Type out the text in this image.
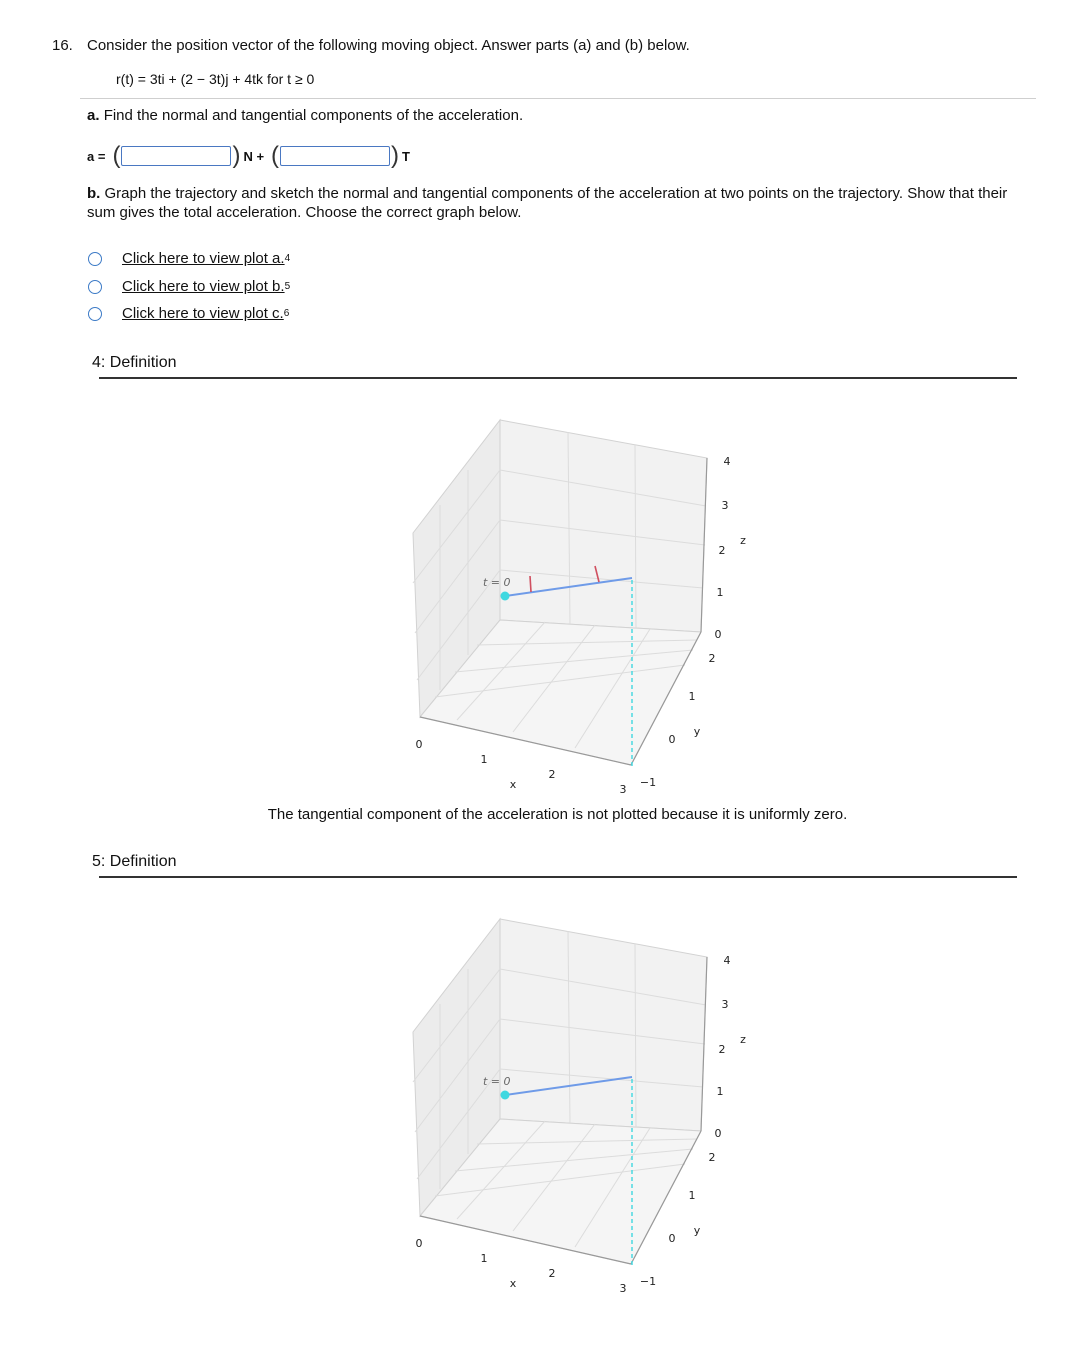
16. Consider the position vector of the following moving object. Answer parts (a) and (b) below.
r(t) = 3ti + (2 − 3t)j + 4tk for t ≥ 0
a. Find the normal and tangential components of the acceleration.
a = (	) N + (	) T
b. Graph the trajectory and sketch the normal and tangential components of the acceleration at two points on the trajectory. Show that their sum gives the total acceleration. Choose the correct graph below.
Click here to view plot a. 4
Click here to view plot b. 5
Click here to view plot c. 6
4: Definition
0
1
2
3
x	−1
0
1
2
y
0
1
2
3
4
z
t = 0
The tangential component of the acceleration is not plotted because it is uniformly zero.
5: Definition
0
1
2
3
x	−1
0
1
2
y
0
1
2
3
4
z
t = 0
